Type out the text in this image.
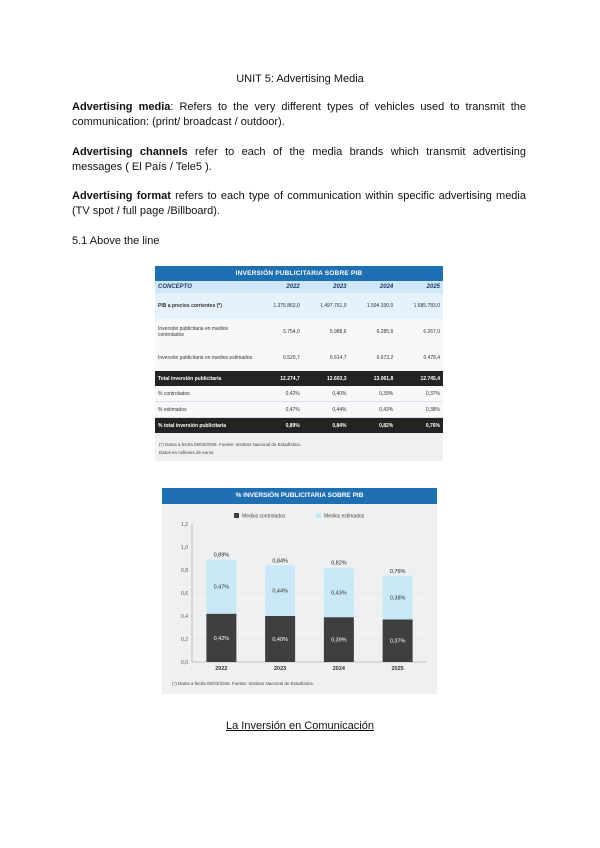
UNIT 5: Advertising Media
Advertising media: Refers to the very different types of vehicles used to transmit the communication: (print/ broadcast / outdoor).
Advertising channels refer to each of the media brands which transmit advertising messages ( El País / Tele5 ).
Advertising format refers to each type of communication within specific advertising media (TV spot / full page /Billboard).
5.1 Above the line
INVERSIÓN PUBLICITARIA SOBRE PIB
CONCEPTO	2022	2023	2024	2025
PIB a precios corrientes (*)	1.375.863,0	1.497.761,0	1.594.330,0	1.685.783,0
Inversión publicitaria en medios controlados	5.754,0	5.988,6	6.285,6	6.267,0
Inversión publicitaria en medios estimados	6.520,7	6.614,7	6.673,2	6.478,4
Total inversión publicitaria	12.274,7	12.603,3	13.061,8	12.745,4
% controlados	0,42%	0,40%	0,39%	0,37%
% estimados	0,47%	0,44%	0,43%	0,38%
% total inversión publicitaria	0,89%	0,84%	0,82%	0,76%
(*) Datos a fecha 05/03/2026. Fuente: Instituto Nacional de Estadística.
Datos en millones de euros
% INVERSIÓN PUBLICITARIA SOBRE PIB
0,0
0,2
0,4
0,6
0,8
1,0
1,2
Medios controlados	Medios estimados
0,42%
0,47%
0,89%
2022
0,40%
0,44%
0,84%
2023
0,39%
0,43%
0,82%
2024
0,37%
0,38%
0,76%
2025
(*) Datos a fecha 05/03/2026. Fuente: Instituto Nacional de Estadística.
La Inversión en Comunicación
